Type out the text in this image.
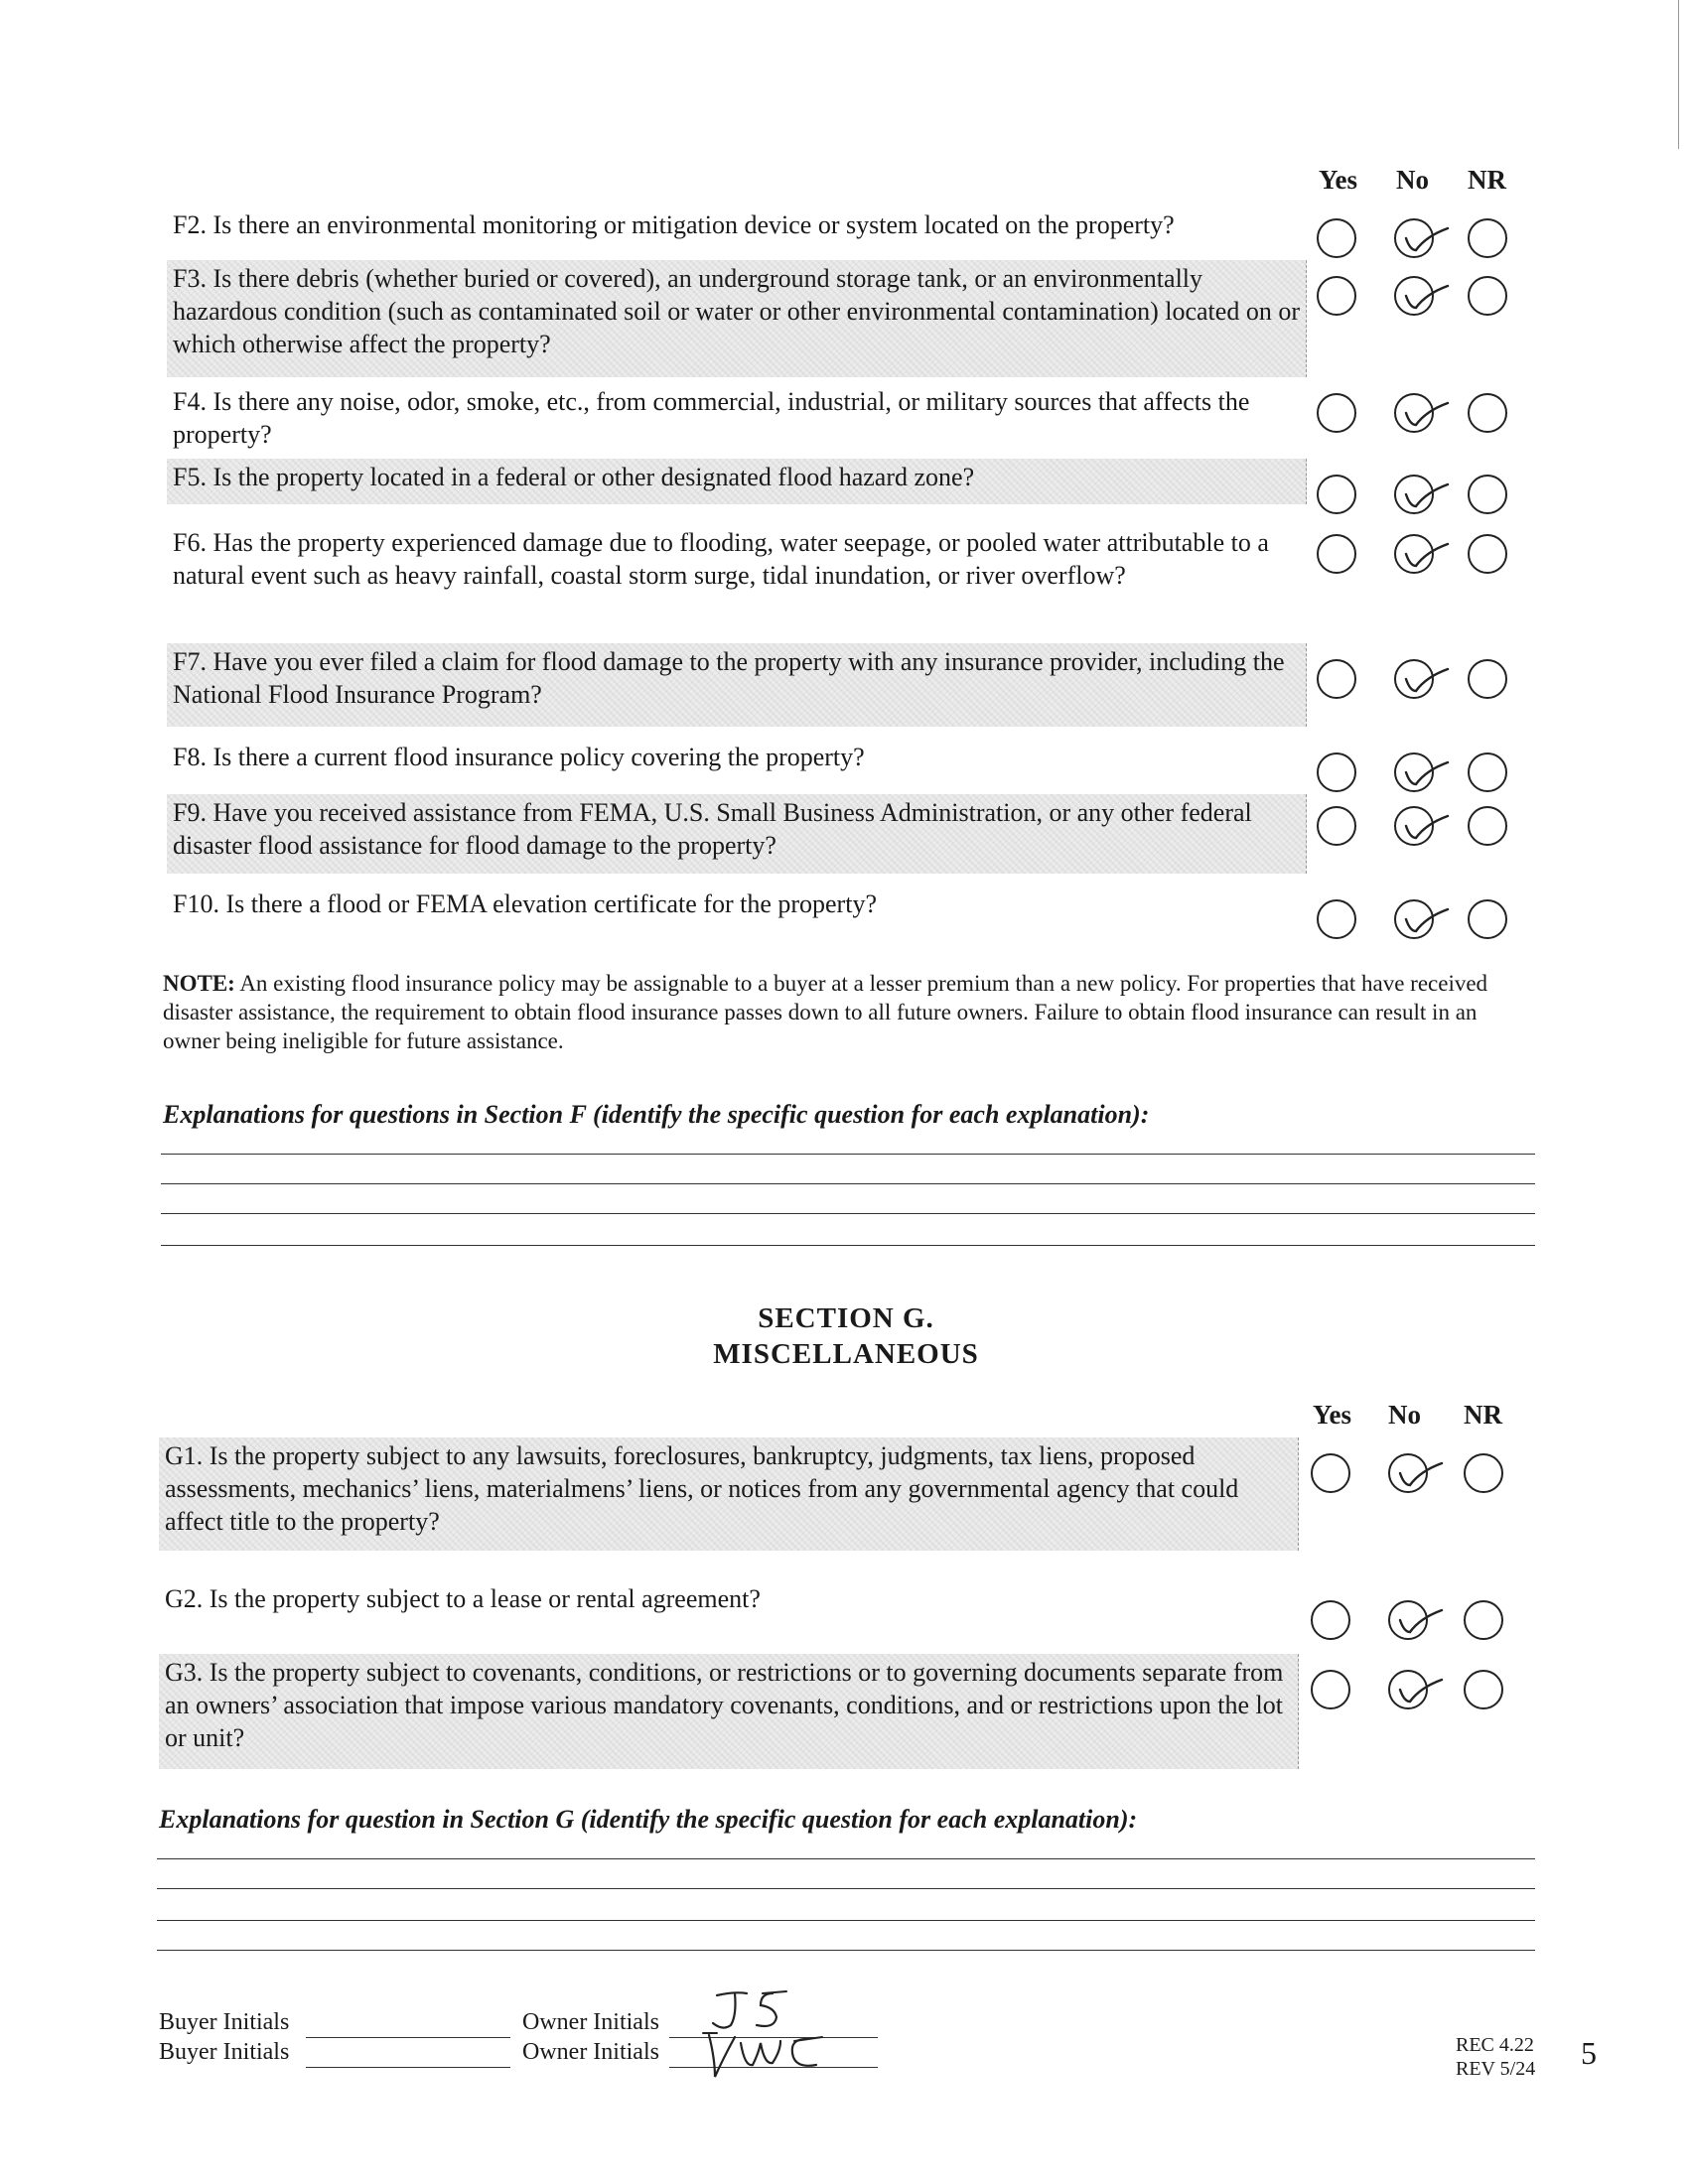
Yes No NR
F2. Is there an environmental monitoring or mitigation device or system located on the property?
F3. Is there debris (whether buried or covered), an underground storage tank, or an environmentally hazardous condition (such as contaminated soil or water or other environmental contamination) located on or which otherwise affect the property?
F4. Is there any noise, odor, smoke, etc., from commercial, industrial, or military sources that affects the property?
F5. Is the property located in a federal or other designated flood hazard zone?
F6. Has the property experienced damage due to flooding, water seepage, or pooled water attributable to a natural event such as heavy rainfall, coastal storm surge, tidal inundation, or river overflow?
F7. Have you ever filed a claim for flood damage to the property with any insurance provider, including the National Flood Insurance Program?
F8. Is there a current flood insurance policy covering the property?
F9. Have you received assistance from FEMA, U.S. Small Business Administration, or any other federal disaster flood assistance for flood damage to the property?
F10. Is there a flood or FEMA elevation certificate for the property?
NOTE: An existing flood insurance policy may be assignable to a buyer at a lesser premium than a new policy. For properties that have received disaster assistance, the requirement to obtain flood insurance passes down to all future owners. Failure to obtain flood insurance can result in an owner being ineligible for future assistance.
Explanations for questions in Section F (identify the specific question for each explanation):
SECTION G.
MISCELLANEOUS
Yes No NR
G1. Is the property subject to any lawsuits, foreclosures, bankruptcy, judgments, tax liens, proposed assessments, mechanics’ liens, materialmens’ liens, or notices from any governmental agency that could affect title to the property?
G2. Is the property subject to a lease or rental agreement?
G3. Is the property subject to covenants, conditions, or restrictions or to governing documents separate from an owners’ association that impose various mandatory covenants, conditions, and or restrictions upon the lot or unit?
Explanations for question in Section G (identify the specific question for each explanation):
Buyer Initials
Buyer Initials
Owner Initials
Owner Initials	REC 4.22
REV 5/24 5
